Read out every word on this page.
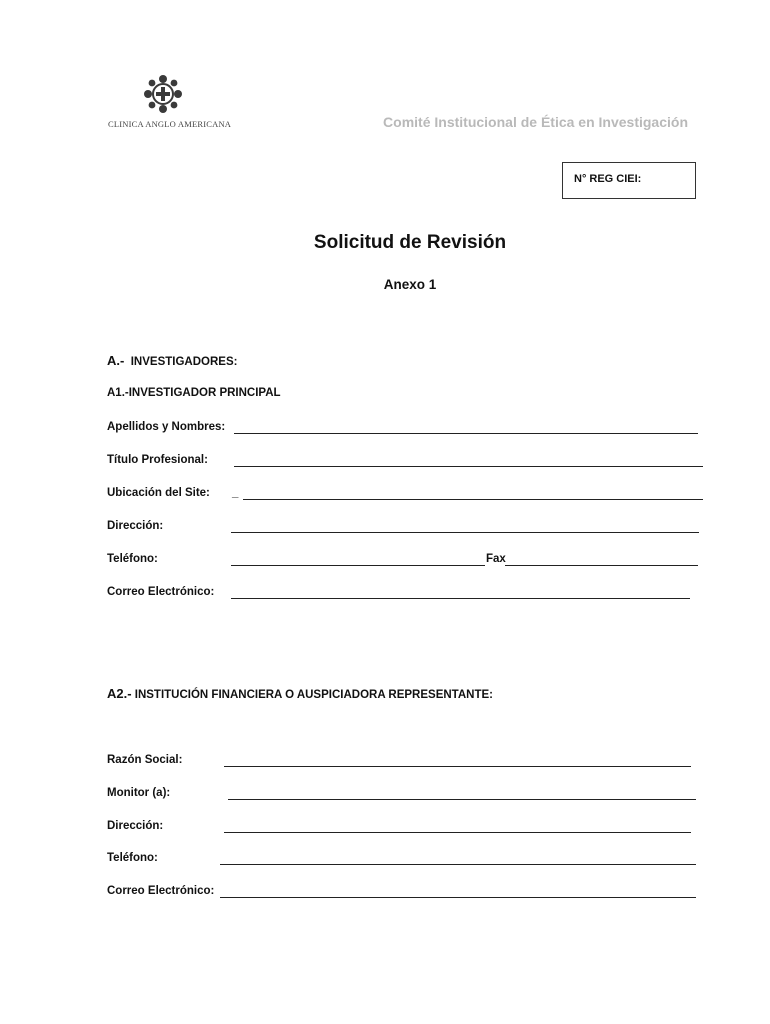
CLINICA ANGLO AMERICANA	Comité Institucional de Ética en Investigación
N° REG CIEI:
Solicitud de Revisión
Anexo 1
A.- INVESTIGADORES:
A1.-INVESTIGADOR PRINCIPAL
Apellidos y Nombres:
Título Profesional:
Ubicación del Site: _
Dirección:
Teléfono:	Fax
Correo Electrónico:
A2.- INSTITUCIÓN FINANCIERA O AUSPICIADORA REPRESENTANTE:
Razón Social:
Monitor (a):
Dirección:
Teléfono:
Correo Electrónico:
